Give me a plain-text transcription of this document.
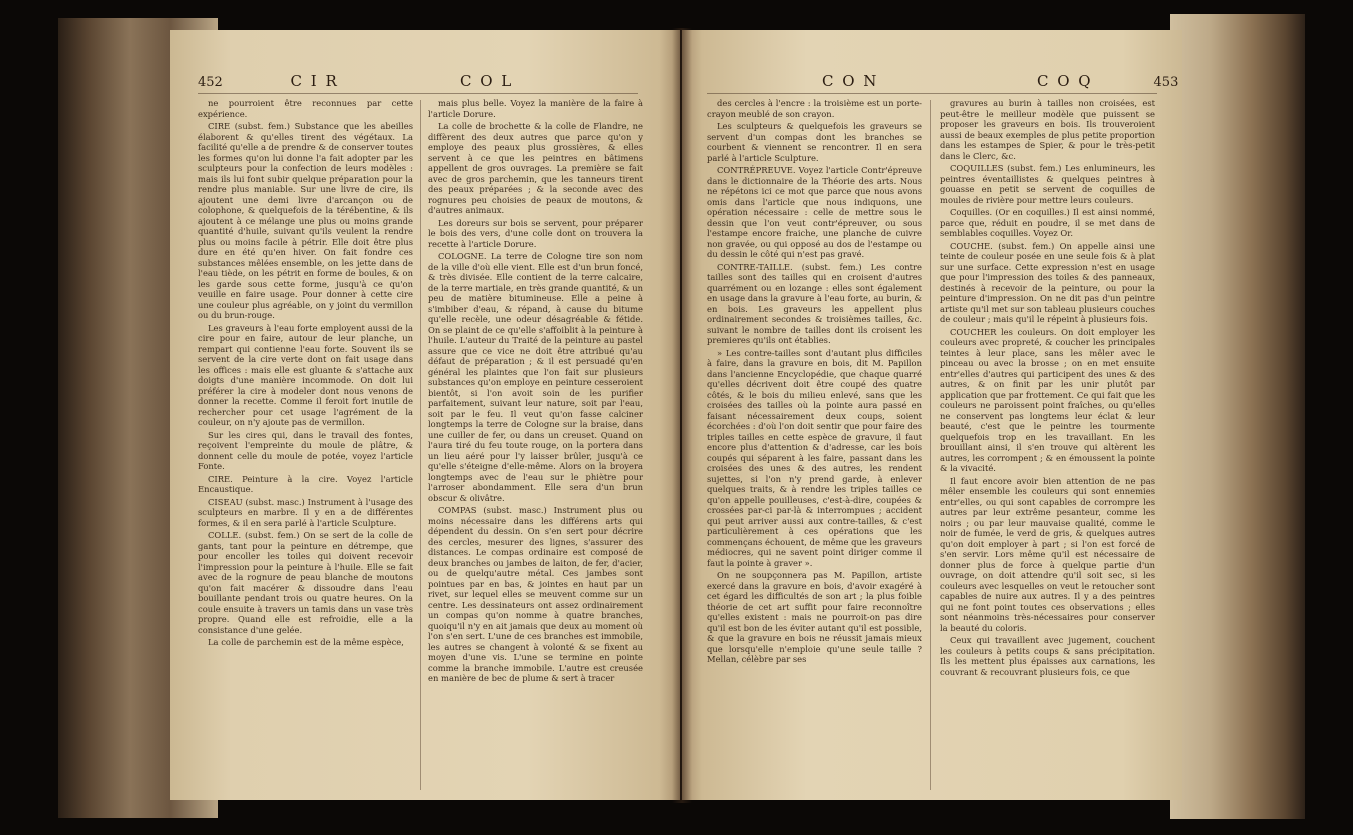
452	C I R	C O L

ne pourroient être reconnues par cette expérience.

CIRE (subst. fem.) Substance que les abeilles élaborent & qu'elles tirent des végétaux. La facilité qu'elle a de prendre & de conserver toutes les formes qu'on lui donne l'a fait adopter par les sculpteurs pour la confection de leurs modèles : mais ils lui font subir quelque préparation pour la rendre plus maniable. Sur une livre de cire, ils ajoutent une demi livre d'arcançon ou de colophone, & quelquefois de la térébentine, & ils ajoutent à ce mélange une plus ou moins grande quantité d'huile, suivant qu'ils veulent la rendre plus ou moins facile à pétrir. Elle doit être plus dure en été qu'en hiver. On fait fondre ces substances mêlées ensemble, on les jette dans de l'eau tiède, on les pétrit en forme de boules, & on les garde sous cette forme, jusqu'à ce qu'on veuille en faire usage. Pour donner à cette cire une couleur plus agréable, on y joint du vermillon ou du brun-rouge.

Les graveurs à l'eau forte employent aussi de la cire pour en faire, autour de leur planche, un rempart qui contienne l'eau forte. Souvent ils se servent de la cire verte dont on fait usage dans les offices : mais elle est gluante & s'attache aux doigts d'une manière incommode. On doit lui préférer la cire à modeler dont nous venons de donner la recette. Comme il feroit fort inutile de rechercher pour cet usage l'agrément de la couleur, on n'y ajoute pas de vermillon.

Sur les cires qui, dans le travail des fontes, reçoivent l'empreinte du moule de plâtre, & donnent celle du moule de potée, voyez l'article Fonte.

CIRE. Peinture à la cire. Voyez l'article Encaustique.

CISEAU (subst. masc.) Instrument à l'usage des sculpteurs en marbre. Il y en a de différentes formes, & il en sera parlé à l'article Sculpture.

COLLE. (subst. fem.) On se sert de la colle de gants, tant pour la peinture en détrempe, que pour encoller les toiles qui doivent recevoir l'impression pour la peinture à l'huile. Elle se fait avec de la rognure de peau blanche de moutons qu'on fait macérer & dissoudre dans l'eau bouillante pendant trois ou quatre heures. On la coule ensuite à travers un tamis dans un vase très propre. Quand elle est refroidie, elle a la consistance d'une gelée.

La colle de parchemin est de la même espèce,

mais plus belle. Voyez la manière de la faire à l'article Dorure.

La colle de brochette & la colle de Flandre, ne diffèrent des deux autres que parce qu'on y employe des peaux plus grossières, & elles servent à ce que les peintres en bâtimens appellent de gros ouvrages. La première se fait avec de gros parchemin, que les tanneurs tirent des peaux préparées ; & la seconde avec des rognures peu choisies de peaux de moutons, & d'autres animaux.

Les doreurs sur bois se servent, pour préparer le bois des vers, d'une colle dont on trouvera la recette à l'article Dorure.

COLOGNE. La terre de Cologne tire son nom de la ville d'où elle vient. Elle est d'un brun foncé, & très divisée. Elle contient de la terre calcaire, de la terre martiale, en très grande quantité, & un peu de matière bitumineuse. Elle a peine à s'imbiber d'eau, & répand, à cause du bitume qu'elle recèle, une odeur désagréable & fétide. On se plaint de ce qu'elle s'affoiblit à la peinture à l'huile. L'auteur du Traité de la peinture au pastel assure que ce vice ne doit être attribué qu'au défaut de préparation ; & il est persuadé qu'en général les plaintes que l'on fait sur plusieurs substances qu'on employe en peinture cesseroient bientôt, si l'on avoit soin de les purifier parfaitement, suivant leur nature, soit par l'eau, soit par le feu. Il veut qu'on fasse calciner longtemps la terre de Cologne sur la braise, dans une cuiller de fer, ou dans un creuset. Quand on l'aura tiré du feu toute rouge, on la portera dans un lieu aéré pour l'y laisser brûler, jusqu'à ce qu'elle s'éteigne d'elle-même. Alors on la broyera longtemps avec de l'eau sur le phiètre pour l'arroser abondamment. Elle sera d'un brun obscur & olivâtre.

COMPAS (subst. masc.) Instrument plus ou moins nécessaire dans les différens arts qui dépendent du dessin. On s'en sert pour décrire des cercles, mesurer des lignes, s'assurer des distances. Le compas ordinaire est composé de deux branches ou jambes de laiton, de fer, d'acier, ou de quelqu'autre métal. Ces jambes sont pointues par en bas, & jointes en haut par un rivet, sur lequel elles se meuvent comme sur un centre. Les dessinateurs ont assez ordinairement un compas qu'on nomme à quatre branches, quoiqu'il n'y en ait jamais que deux au moment où l'on s'en sert. L'une de ces branches est immobile, les autres se changent à volonté & se fixent au moyen d'une vis. L'une se termine en pointe comme la branche immobile. L'autre est creusée en manière de bec de plume & sert à tracer

C O N	C O Q	453

des cercles à l'encre : la troisième est un porte-crayon meublé de son crayon.

Les sculpteurs & quelquefois les graveurs se servent d'un compas dont les branches se courbent & viennent se rencontrer. Il en sera parlé à l'article Sculpture.

CONTRÉPREUVE. Voyez l'article Contr'épreuve dans le dictionnaire de la Théorie des arts. Nous ne répétons ici ce mot que parce que nous avons omis dans l'article que nous indiquons, une opération nécessaire : celle de mettre sous le dessin que l'on veut contr'épreuver, ou sous l'estampe encore fraiche, une planche de cuivre non gravée, ou qui opposé au dos de l'estampe ou du dessin le côté qui n'est pas gravé.

CONTRE-TAILLE. (subst. fem.) Les contre tailles sont des tailles qui en croisent d'autres quarrément ou en lozange : elles sont également en usage dans la gravure à l'eau forte, au burin, & en bois. Les graveurs les appellent plus ordinairement secondes & troisièmes tailles, &c. suivant le nombre de tailles dont ils croisent les premieres qu'ils ont établies.

» Les contre-tailles sont d'autant plus difficiles à faire, dans la gravure en bois, dit M. Papillon dans l'ancienne Encyclopédie, que chaque quarré qu'elles décrivent doit être coupé des quatre côtés, & le bois du milieu enlevé, sans que les croisées des tailles où la pointe aura passé en faisant nécessairement deux coups, soient écorchées : d'où l'on doit sentir que pour faire des triples tailles en cette espèce de gravure, il faut encore plus d'attention & d'adresse, car les bois coupés qui séparent à les faire, passant dans les croisées des unes & des autres, les rendent sujettes, si l'on n'y prend garde, à enlever quelques traits, & à rendre les triples tailles ce qu'on appelle pouilleuses, c'est-à-dire, coupées & crossées par-ci par-là & interrompues ; accident qui peut arriver aussi aux contre-tailles, & c'est particulièrement à ces opérations que les commençans échouent, de même que les graveurs médiocres, qui ne savent point diriger comme il faut la pointe à graver ».

On ne soupçonnera pas M. Papillon, artiste exercé dans la gravure en bois, d'avoir exagéré à cet égard les difficultés de son art ; la plus foible théorie de cet art suffit pour faire reconnoître qu'elles existent : mais ne pourroit-on pas dire qu'il est bon de les éviter autant qu'il est possible, & que la gravure en bois ne réussit jamais mieux que lorsqu'elle n'emploie qu'une seule taille ? Mellan, célèbre par ses

gravures au burin à tailles non croisées, est peut-être le meilleur modèle que puissent se proposer les graveurs en bois. Ils trouveroient aussi de beaux exemples de plus petite proportion dans les estampes de Spier, & pour le très-petit dans le Clerc, &c.

COQUILLES (subst. fem.) Les enlumineurs, les peintres éventaillistes & quelques peintres à gouasse en petit se servent de coquilles de moules de rivière pour mettre leurs couleurs.

Coquilles. (Or en coquilles.) Il est ainsi nommé, parce que, réduit en poudre, il se met dans de semblables coquilles. Voyez Or.

COUCHE. (subst. fem.) On appelle ainsi une teinte de couleur posée en une seule fois & à plat sur une surface. Cette expression n'est en usage que pour l'impression des toiles & des panneaux, destinés à recevoir de la peinture, ou pour la peinture d'impression. On ne dit pas d'un peintre artiste qu'il met sur son tableau plusieurs couches de couleur ; mais qu'il le répeint à plusieurs fois.

COUCHER les couleurs. On doit employer les couleurs avec propreté, & coucher les principales teintes à leur place, sans les mêler avec le pinceau ou avec la brosse ; on en met ensuite entr'elles d'autres qui participent des unes & des autres, & on finit par les unir plutôt par application que par frottement. Ce qui fait que les couleurs ne paroissent point fraîches, ou qu'elles ne conservent pas longtems leur éclat & leur beauté, c'est que le peintre les tourmente quelquefois trop en les travaillant. En les brouillant ainsi, il s'en trouve qui altèrent les autres, les corrompent ; & en émoussent la pointe & la vivacité.

Il faut encore avoir bien attention de ne pas mêler ensemble les couleurs qui sont ennemies entr'elles, ou qui sont capables de corrompre les autres par leur extrême pesanteur, comme les noirs ; ou par leur mauvaise qualité, comme le noir de fumée, le verd de gris, & quelques autres qu'on doit employer à part ; si l'on est forcé de s'en servir. Lors même qu'il est nécessaire de donner plus de force à quelque partie d'un ouvrage, on doit attendre qu'il soit sec, si les couleurs avec lesquelles on veut le retoucher sont capables de nuire aux autres. Il y a des peintres qui ne font point toutes ces observations ; elles sont néanmoins très-nécessaires pour conserver la beauté du coloris.

Ceux qui travaillent avec jugement, couchent les couleurs à petits coups & sans précipitation. Ils les mettent plus épaisses aux carnations, les couvrant & recouvrant plusieurs fois, ce que
